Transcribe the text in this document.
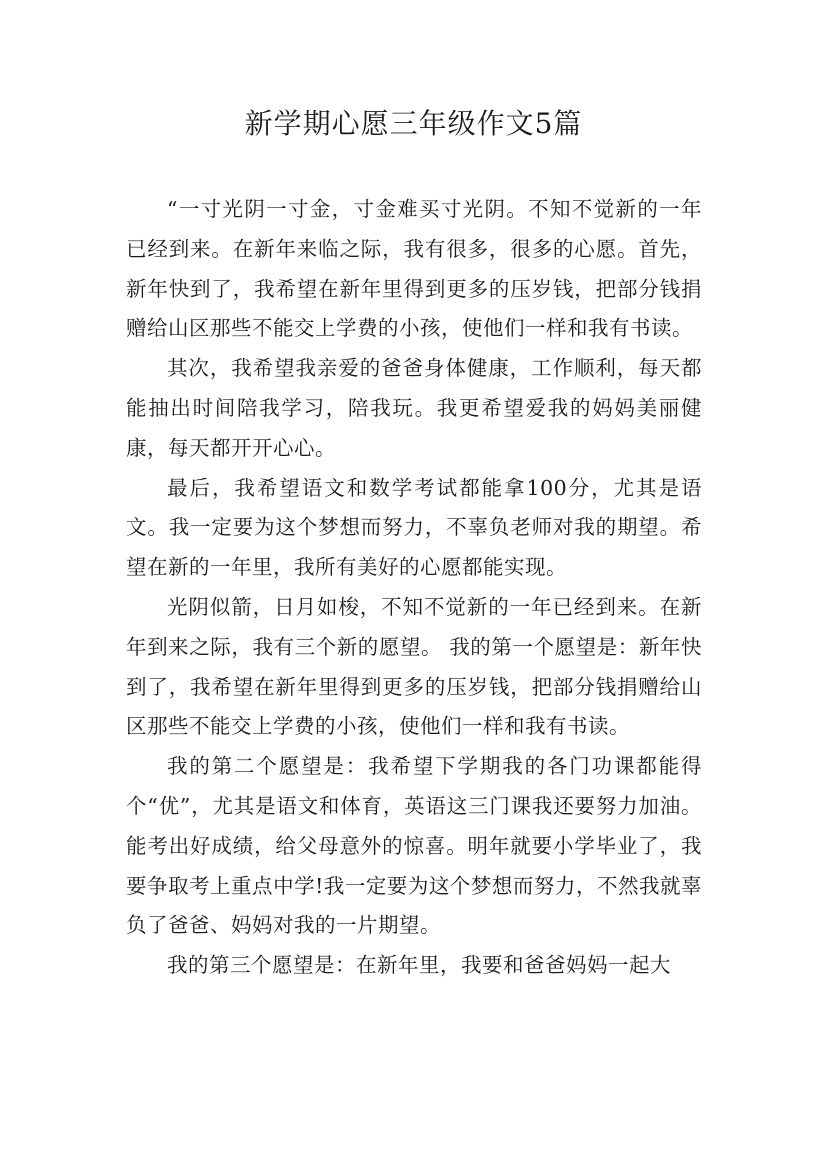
新学期心愿三年级作文5篇

“一寸光阴一寸金，寸金难买寸光阴。不知不觉新的一年已经到来。在新年来临之际，我有很多，很多的心愿。首先，新年快到了，我希望在新年里得到更多的压岁钱，把部分钱捐赠给山区那些不能交上学费的小孩，使他们一样和我有书读。

其次，我希望我亲爱的爸爸身体健康，工作顺利，每天都能抽出时间陪我学习，陪我玩。我更希望爱我的妈妈美丽健康，每天都开开心心。

最后，我希望语文和数学考试都能拿100分，尤其是语文。我一定要为这个梦想而努力，不辜负老师对我的期望。希望在新的一年里，我所有美好的心愿都能实现。

光阴似箭，日月如梭，不知不觉新的一年已经到来。在新年到来之际，我有三个新的愿望。 我的第一个愿望是：新年快到了，我希望在新年里得到更多的压岁钱，把部分钱捐赠给山区那些不能交上学费的小孩，使他们一样和我有书读。

我的第二个愿望是：我希望下学期我的各门功课都能得个“优”，尤其是语文和体育，英语这三门课我还要努力加油。 能考出好成绩，给父母意外的惊喜。明年就要小学毕业了，我要争取考上重点中学!我一定要为这个梦想而努力，不然我就辜负了爸爸、妈妈对我的一片期望。

我的第三个愿望是：在新年里，我要和爸爸妈妈一起大
